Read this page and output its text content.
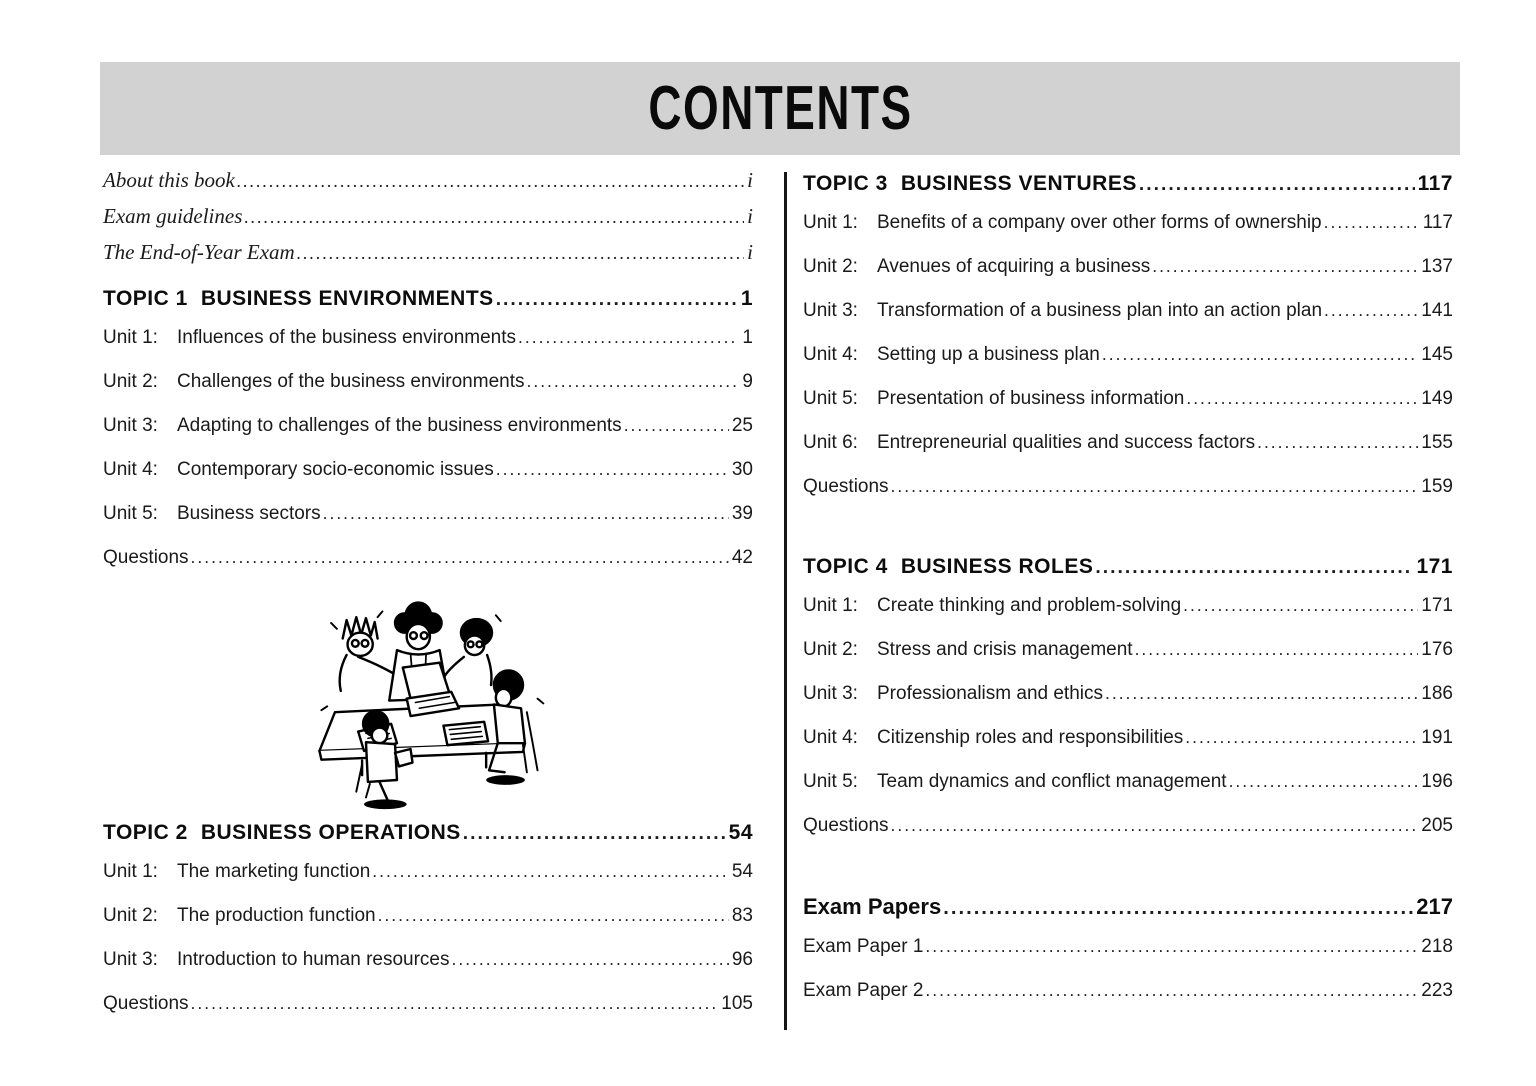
CONTENTS
About this book .....	i
Exam guidelines .....	i
The End-of-Year Exam .....	i
TOPIC 1 BUSINESS ENVIRONMENTS .....	1
Unit 1:	Influences of the business environments .....	1
Unit 2:	Challenges of the business environments .....	9
Unit 3:	Adapting to challenges of the business environments .....	25
Unit 4:	Contemporary socio-economic issues .....	30
Unit 5:	Business sectors .....	39
Questions .....	42
TOPIC 2 BUSINESS OPERATIONS .....	54
Unit 1:	The marketing function .....	54
Unit 2:	The production function .....	83
Unit 3:	Introduction to human resources .....	96
Questions .....	105
TOPIC 3 BUSINESS VENTURES .....	117
Unit 1:	Benefits of a company over other forms of ownership .....	117
Unit 2:	Avenues of acquiring a business .....	137
Unit 3:	Transformation of a business plan into an action plan .....	141
Unit 4:	Setting up a business plan .....	145
Unit 5:	Presentation of business information .....	149
Unit 6:	Entrepreneurial qualities and success factors .....	155
Questions .....	159
TOPIC 4 BUSINESS ROLES .....	171
Unit 1:	Create thinking and problem-solving .....	171
Unit 2:	Stress and crisis management .....	176
Unit 3:	Professionalism and ethics .....	186
Unit 4:	Citizenship roles and responsibilities .....	191
Unit 5:	Team dynamics and conflict management .....	196
Questions .....	205
Exam Papers .....	217
Exam Paper 1 .....	218
Exam Paper 2 .....	223
